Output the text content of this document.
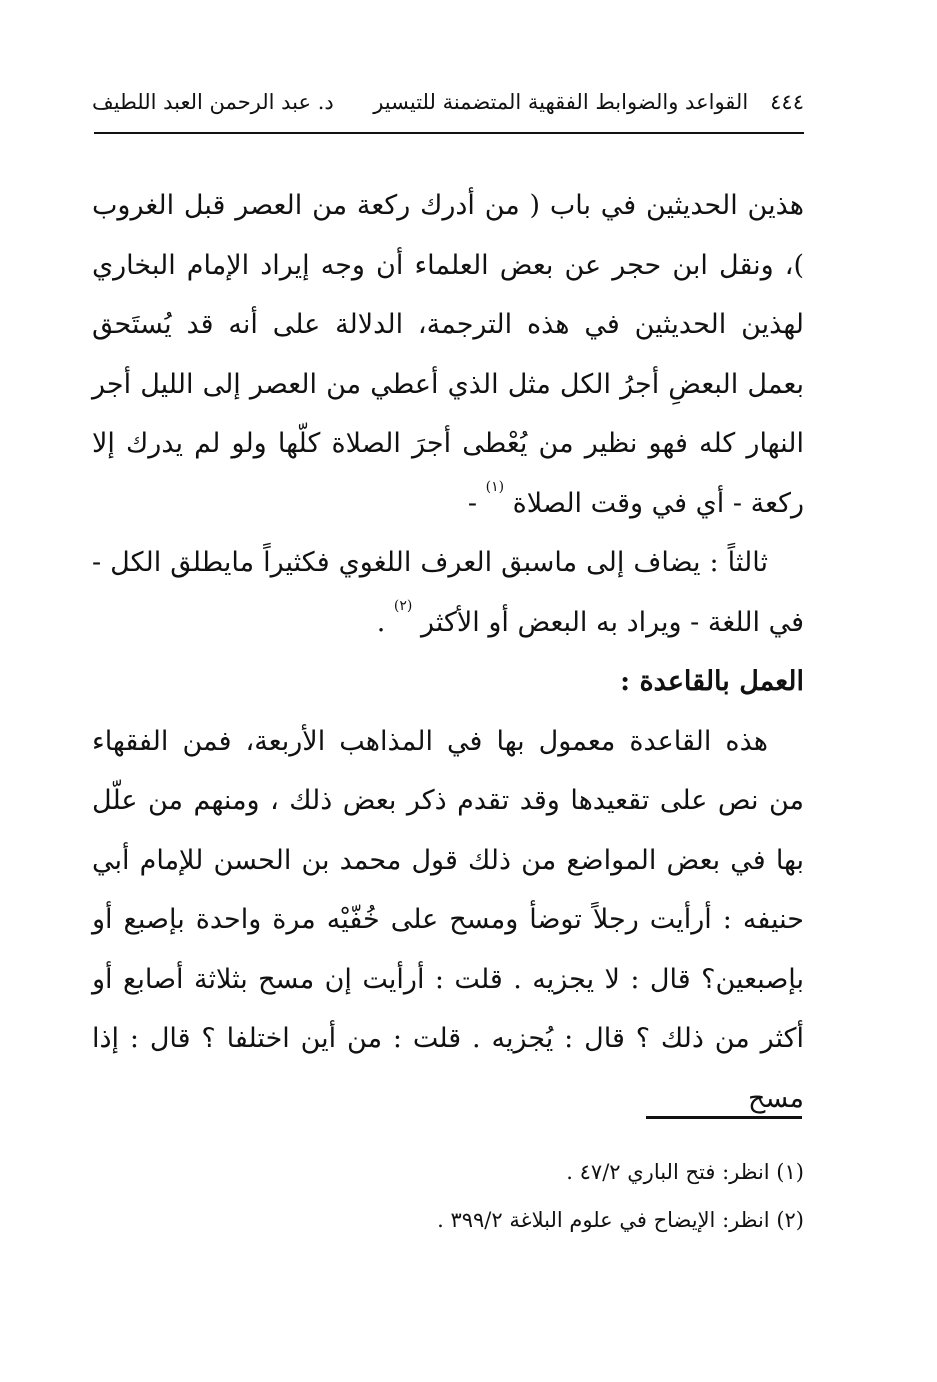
٤٤٤
القواعد والضوابط الفقهية المتضمنة للتيسير
د. عبد الرحمن العبد اللطيف

هذين الحديثين في باب ( من أدرك ركعة من العصر قبل الغروب )، ونقل ابن حجر عن بعض العلماء أن وجه إيراد الإمام البخاري لهذين الحديثين في هذه الترجمة، الدلالة على أنه قد يُستَحق بعمل البعضِ أجرُ الكل مثل الذي أعطي من العصر إلى الليل أجر النهار كله فهو نظير من يُعْطى أجرَ الصلاة كلّها ولو لم يدرك إلا ركعة - أي في وقت الصلاة $^{(١)}$ -

ثالثاً : يضاف إلى ماسبق العرف اللغوي فكثيراً مايطلق الكل - في اللغة - ويراد به البعض أو الأكثر $^{(٢)}$ .

العمل بالقاعدة :

هذه القاعدة معمول بها في المذاهب الأربعة، فمن الفقهاء من نص على تقعيدها وقد تقدم ذكر بعض ذلك ، ومنهم من علّل بها في بعض المواضع من ذلك قول محمد بن الحسن للإمام أبي حنيفه : أرأيت رجلاً توضأ ومسح على خُفّيْه مرة واحدة بإصبع أو بإصبعين؟ قال : لا يجزيه . قلت : أرأيت إن مسح بثلاثة أصابع أو أكثر من ذلك ؟ قال : يُجزيه . قلت : من أين اختلفا ؟ قال : إذا مسح

(١) انظر: فتح الباري ٤٧/٢ .

(٢) انظر: الإيضاح في علوم البلاغة ٣٩٩/٢ .
